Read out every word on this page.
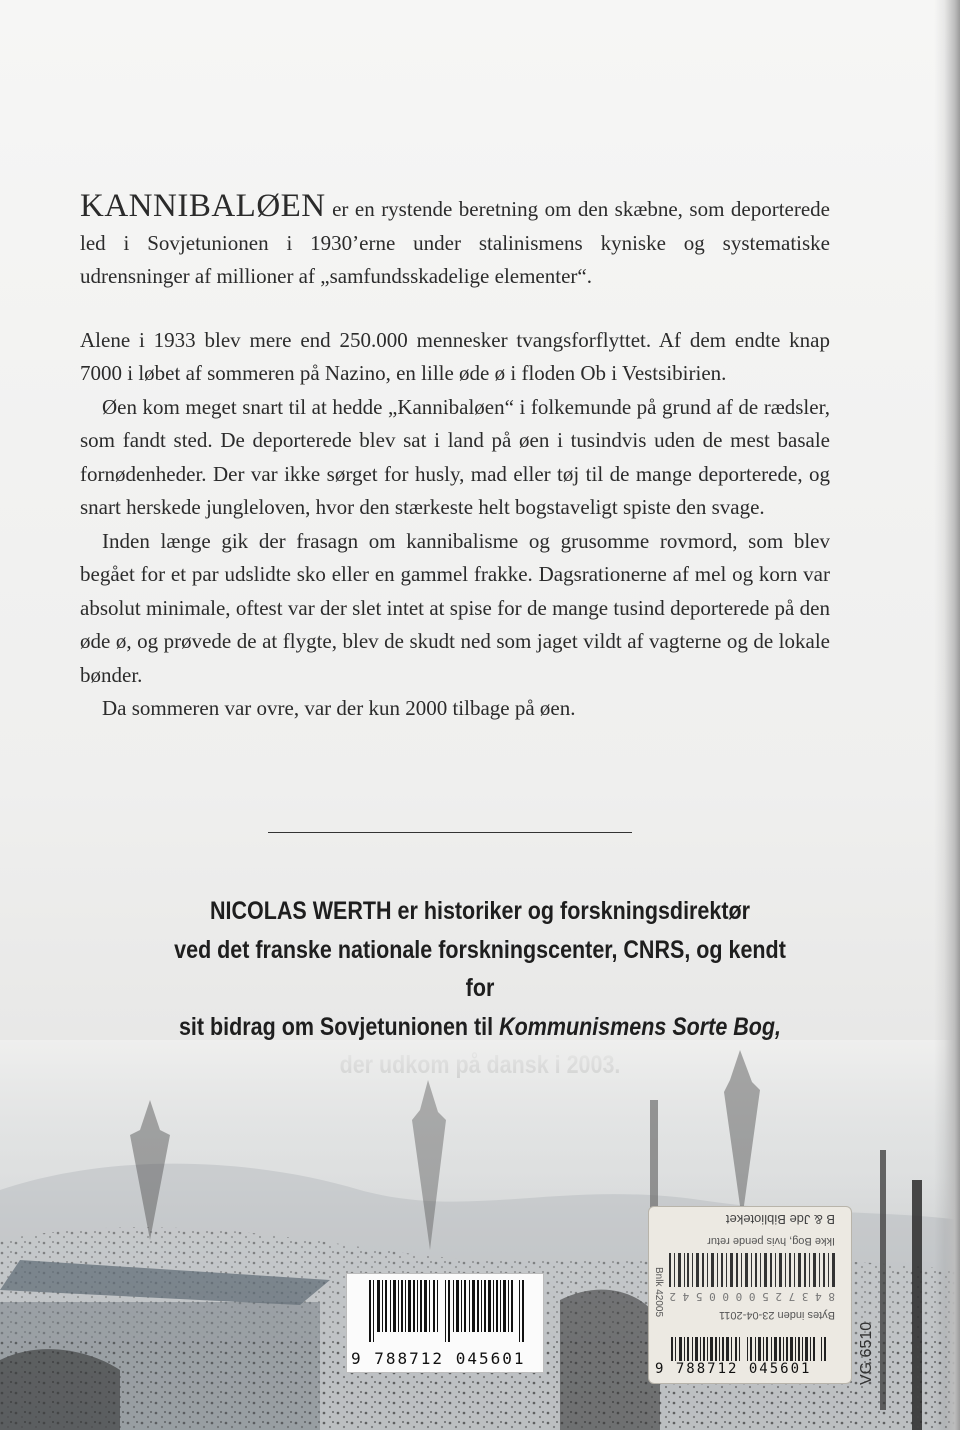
KANNIBALØEN er en rystende beretning om den skæbne, som deporterede led i Sovjetunionen i 1930’erne under stalinismens kyniske og systematiske udrensninger af millioner af „samfundsskadelige elementer“.

Alene i 1933 blev mere end 250.000 mennesker tvangsforflyttet. Af dem endte knap 7000 i løbet af sommeren på Nazino, en lille øde ø i floden Ob i Vestsibirien.

Øen kom meget snart til at hedde „Kannibaløen“ i folkemunde på grund af de rædsler, som fandt sted. De deporterede blev sat i land på øen i tusindvis uden de mest basale fornødenheder. Der var ikke sørget for husly, mad eller tøj til de mange deporterede, og snart herskede jungleloven, hvor den stærkeste helt bogstaveligt spiste den svage.

Inden længe gik der frasagn om kannibalisme og grusomme rovmord, som blev begået for et par udslidte sko eller en gammel frakke. Dagsrationerne af mel og korn var absolut minimale, oftest var der slet intet at spise for de mange tusind deporterede på den øde ø, og prøvede de at flygte, blev de skudt ned som jaget vildt af vagterne og de lokale bønder.

Da sommeren var ovre, var der kun 2000 tilbage på øen.

NICOLAS WERTH er historiker og forskningsdirektør
ved det franske nationale forskningscenter, CNRS, og kendt for
sit bidrag om Sovjetunionen til Kommunismens Sorte Bog,
9 788712 045601
Bytes inden 23-04-2011
8 4 3 7 2 5 0 0 0 0 5 4 2
Ikke Bog, hvis pende retur
B & Jde Biblioteket
Bnlk 42005
9 788712 045601	VG.6510
